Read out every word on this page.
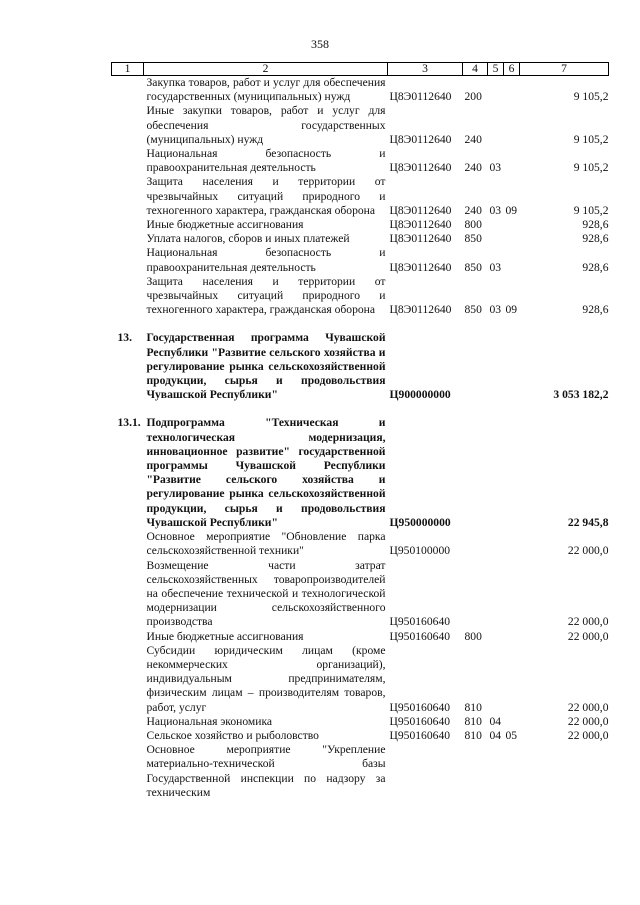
358
1	2	3	4	5	6	7
	Закупка товаров, работ и услуг для обеспечения государственных (муниципальных) нужд	Ц8Э0112640	200			9 105,2
	Иные закупки товаров, работ и услуг для обеспечения государственных (муниципальных) нужд	Ц8Э0112640	240			9 105,2
	Национальная безопасность и правоохранительная деятельность	Ц8Э0112640	240	03		9 105,2
	Защита населения и территории от чрезвычайных ситуаций природного и техногенного характера, гражданская оборона	Ц8Э0112640	240	03	09	9 105,2
	Иные бюджетные ассигнования	Ц8Э0112640	800			928,6
	Уплата налогов, сборов и иных платежей	Ц8Э0112640	850			928,6
	Национальная безопасность и правоохранительная деятельность	Ц8Э0112640	850	03		928,6
	Защита населения и территории от чрезвычайных ситуаций природного и техногенного характера, гражданская оборона	Ц8Э0112640	850	03	09	928,6
13.	Государственная программа Чувашской Республики "Развитие сельского хозяйства и регулирование рынка сельскохозяйственной продукции, сырья и продовольствия Чувашской Республики"	Ц900000000				3 053 182,2
13.1.	Подпрограмма "Техническая и технологическая модернизация, инновационное развитие" государственной программы Чувашской Республики "Развитие сельского хозяйства и регулирование рынка сельскохозяйственной продукции, сырья и продовольствия Чувашской Республики"	Ц950000000				22 945,8
	Основное мероприятие "Обновление парка сельскохозяйственной техники"	Ц950100000				22 000,0
	Возмещение части затрат сельскохозяйственных товаропроизводителей на обеспечение технической и технологической модернизации сельскохозяйственного производства	Ц950160640				22 000,0
	Иные бюджетные ассигнования	Ц950160640	800			22 000,0
	Субсидии юридическим лицам (кроме некоммерческих организаций), индивидуальным предпринимателям, физическим лицам – производителям товаров, работ, услуг	Ц950160640	810			22 000,0
	Национальная экономика	Ц950160640	810	04		22 000,0
	Сельское хозяйство и рыболовство	Ц950160640	810	04	05	22 000,0
	Основное мероприятие "Укрепление материально-технической базы Государственной инспекции по надзору за техническим					
